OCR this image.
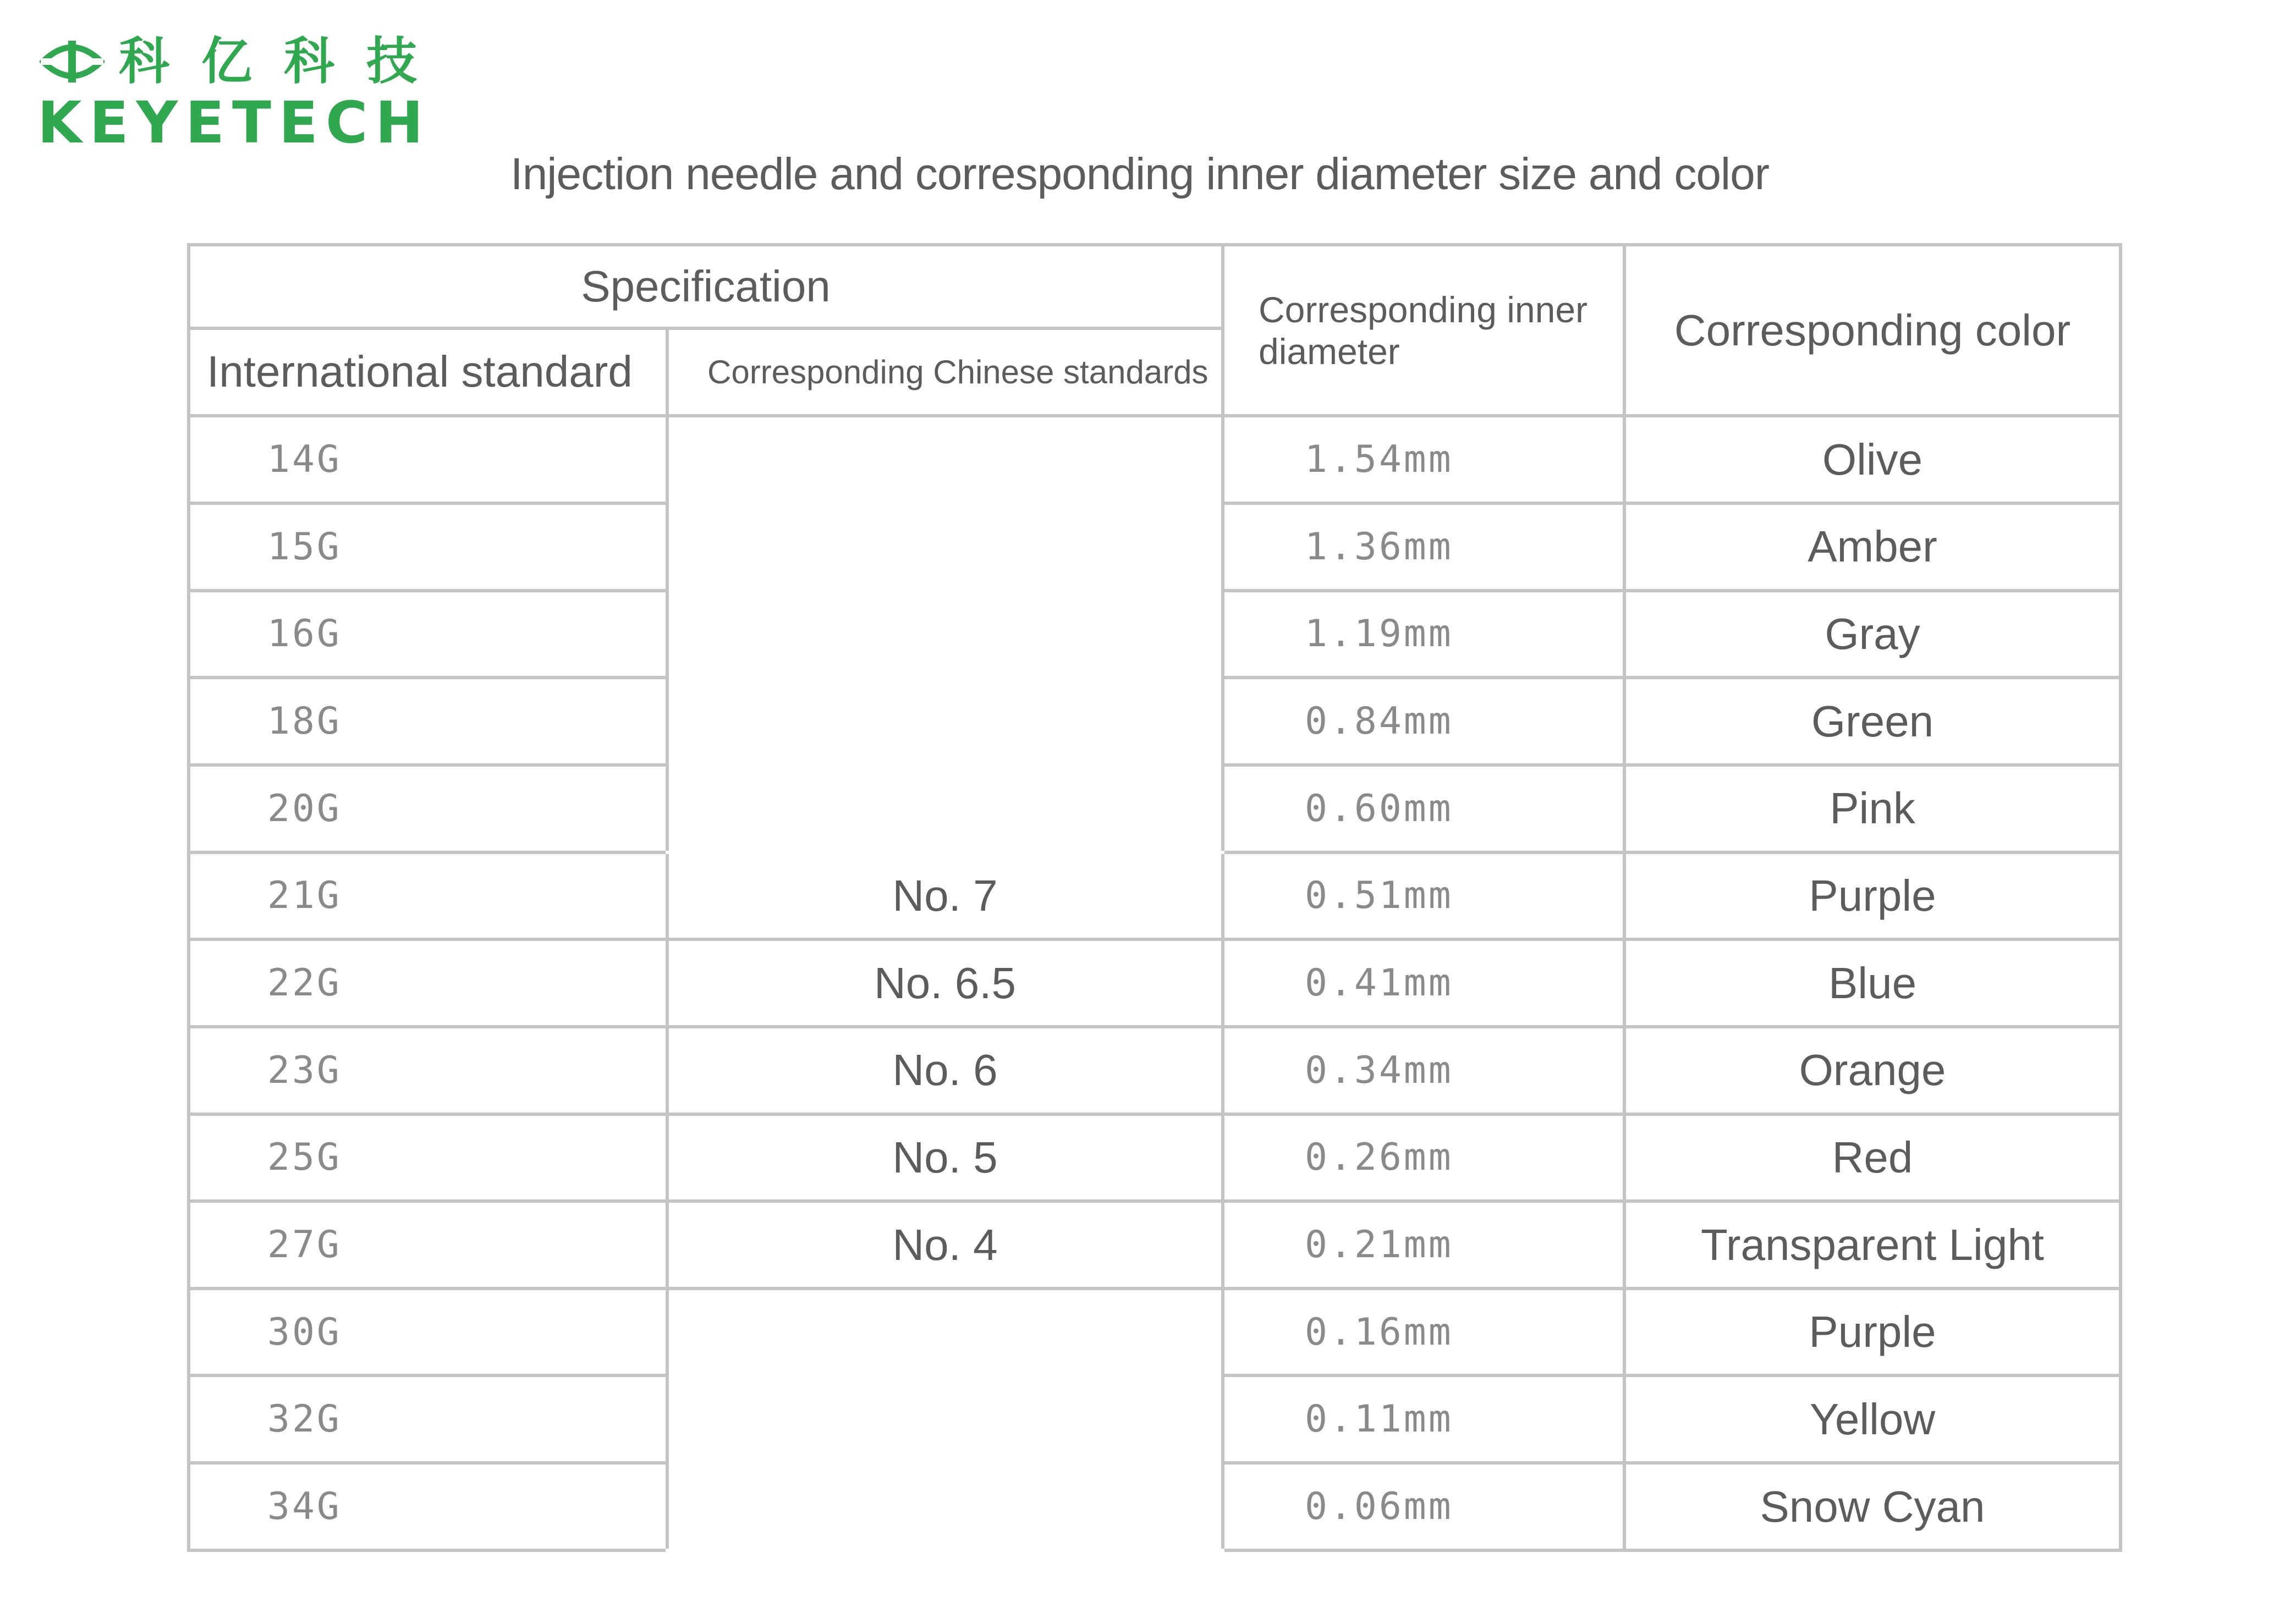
科亿科技
KEYETECH
Injection needle and corresponding inner diameter size and color
Specification		Corresponding inner diameter	Corresponding color
International standard	Corresponding Chinese standards		
14G		1.54mm	Olive
15G		1.36mm	Amber
16G		1.19mm	Gray
18G		0.84mm	Green
20G		0.60mm	Pink
21G	No. 7	0.51mm	Purple
22G	No. 6.5	0.41mm	Blue
23G	No. 6	0.34mm	Orange
25G	No. 5	0.26mm	Red
27G	No. 4	0.21mm	Transparent Light
30G		0.16mm	Purple
32G		0.11mm	Yellow
34G		0.06mm	Snow Cyan
